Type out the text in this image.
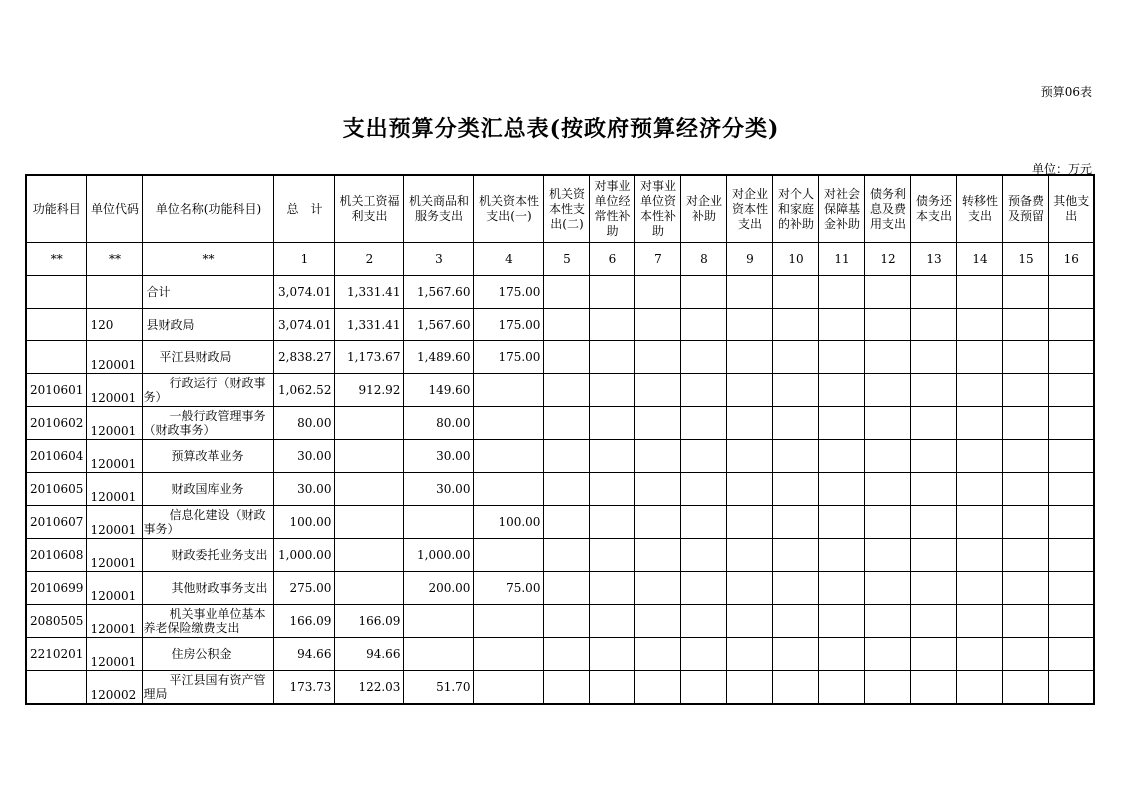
预算06表
支出预算分类汇总表(按政府预算经济分类)
单位：万元
功能科目	单位代码	单位名称(功能科目)	总　计	机关工资福利支出	机关商品和服务支出	机关资本性支出(一)	机关资本性支出(二)	对事业单位经常性补助	对事业单位资本性补助	对企业补助	对企业资本性支出	对个人和家庭的补助	对社会保障基金补助	债务利息及费用支出	债务还本支出	转移性支出	预备费及预留	其他支出
**	**	**	1	2	3	4	5	6	7	8	9	10	11	12	13	14	15	16
		合计	3,074.01	1,331.41	1,567.60	175.00												
	120	县财政局	3,074.01	1,331.41	1,567.60	175.00												
	120001	平江县财政局	2,838.27	1,173.67	1,489.60	175.00												
2010601	120001	行政运行（财政事务）	1,062.52	912.92	149.60													
2010602	120001	一般行政管理事务（财政事务）	80.00		80.00													
2010604	120001	预算改革业务	30.00		30.00													
2010605	120001	财政国库业务	30.00		30.00													
2010607	120001	信息化建设（财政事务）	100.00			100.00												
2010608	120001	财政委托业务支出	1,000.00		1,000.00													
2010699	120001	其他财政事务支出	275.00		200.00	75.00												
2080505	120001	机关事业单位基本养老保险缴费支出	166.09	166.09														
2210201	120001	住房公积金	94.66	94.66														
	120002	平江县国有资产管理局	173.73	122.03	51.70													
